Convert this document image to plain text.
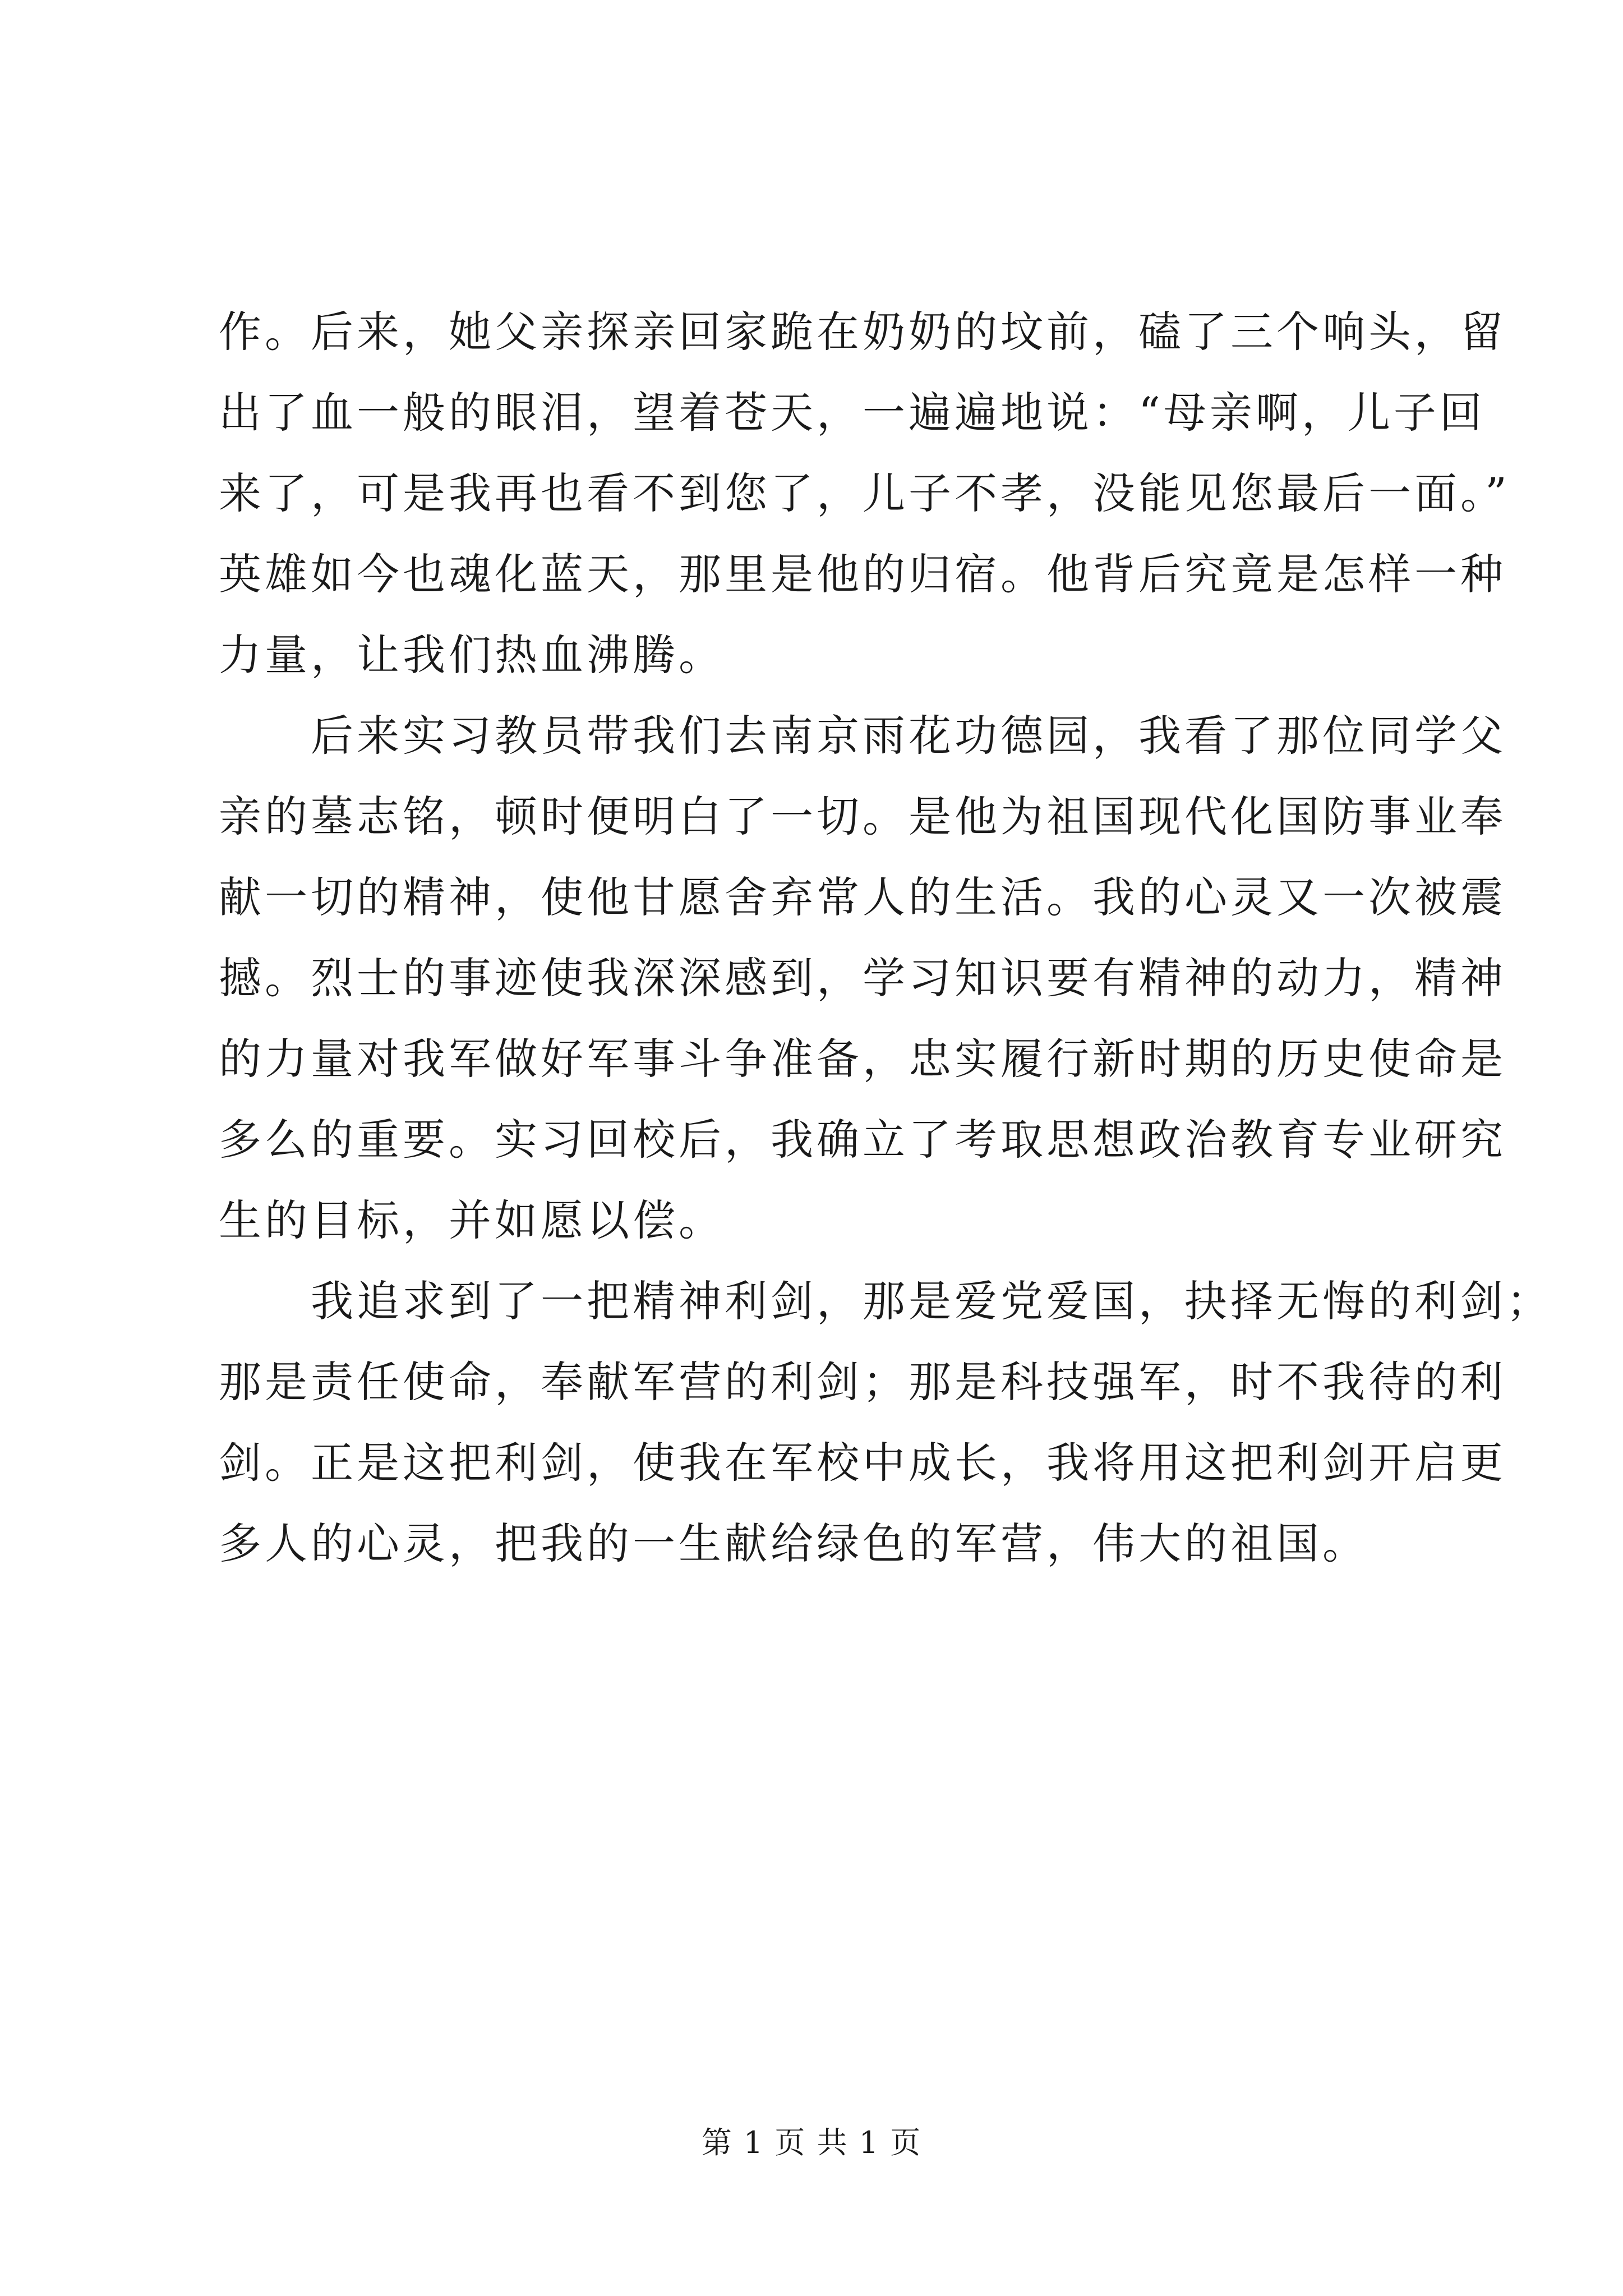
作。后来，她父亲探亲回家跪在奶奶的坟前，磕了三个响头，留
出了血一般的眼泪，望着苍天，一遍遍地说：“母亲啊，儿子回
来了，可是我再也看不到您了，儿子不孝，没能见您最后一面。”
英雄如今也魂化蓝天，那里是他的归宿。他背后究竟是怎样一种
力量，让我们热血沸腾。
　　后来实习教员带我们去南京雨花功德园，我看了那位同学父
亲的墓志铭，顿时便明白了一切。是他为祖国现代化国防事业奉
献一切的精神，使他甘愿舍弃常人的生活。我的心灵又一次被震
撼。烈士的事迹使我深深感到，学习知识要有精神的动力，精神
的力量对我军做好军事斗争准备，忠实履行新时期的历史使命是
多么的重要。实习回校后，我确立了考取思想政治教育专业研究
生的目标，并如愿以偿。
　　我追求到了一把精神利剑，那是爱党爱国，抉择无悔的利剑；
那是责任使命，奉献军营的利剑；那是科技强军，时不我待的利
剑。正是这把利剑，使我在军校中成长，我将用这把利剑开启更
多人的心灵，把我的一生献给绿色的军营，伟大的祖国。
第 1 页 共 1 页
